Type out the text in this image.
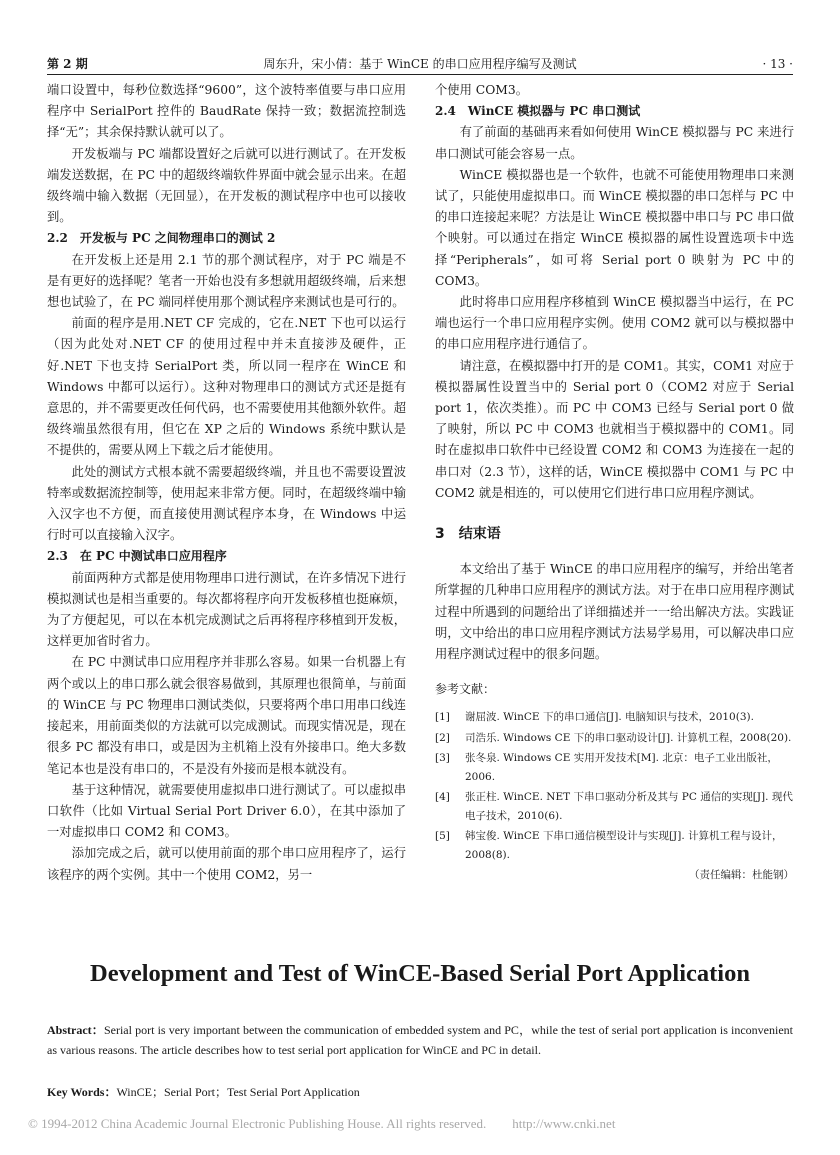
第 2 期	周东升，宋小倩：基于 WinCE 的串口应用程序编写及测试	· 13 ·

端口设置中，每秒位数选择“9600”，这个波特率值要与串口应用程序中 SerialPort 控件的 BaudRate 保持一致；数据流控制选择“无”；其余保持默认就可以了。

开发板端与 PC 端都设置好之后就可以进行测试了。在开发板端发送数据，在 PC 中的超级终端软件界面中就会显示出来。在超级终端中输入数据（无回显），在开发板的测试程序中也可以接收到。

2.2　开发板与 PC 之间物理串口的测试 2

在开发板上还是用 2.1 节的那个测试程序，对于 PC 端是不是有更好的选择呢？笔者一开始也没有多想就用超级终端，后来想想也试验了，在 PC 端同样使用那个测试程序来测试也是可行的。

前面的程序是用.NET CF 完成的，它在.NET 下也可以运行（因为此处对.NET CF 的使用过程中并未直接涉及硬件，正好.NET 下也支持 SerialPort 类，所以同一程序在 WinCE 和 Windows 中都可以运行）。这种对物理串口的测试方式还是挺有意思的，并不需要更改任何代码，也不需要使用其他额外软件。超级终端虽然很有用，但它在 XP 之后的 Windows 系统中默认是不提供的，需要从网上下载之后才能使用。

此处的测试方式根本就不需要超级终端，并且也不需要设置波特率或数据流控制等，使用起来非常方便。同时，在超级终端中输入汉字也不方便，而直接使用测试程序本身，在 Windows 中运行时可以直接输入汉字。

2.3　在 PC 中测试串口应用程序

前面两种方式都是使用物理串口进行测试，在许多情况下进行模拟测试也是相当重要的。每次都将程序向开发板移植也挺麻烦，为了方便起见，可以在本机完成测试之后再将程序移植到开发板，这样更加省时省力。

在 PC 中测试串口应用程序并非那么容易。如果一台机器上有两个或以上的串口那么就会很容易做到，其原理也很简单，与前面的 WinCE 与 PC 物理串口测试类似，只要将两个串口用串口线连接起来，用前面类似的方法就可以完成测试。而现实情况是，现在很多 PC 都没有串口，或是因为主机箱上没有外接串口。绝大多数笔记本也是没有串口的，不是没有外接而是根本就没有。

基于这种情况，就需要使用虚拟串口进行测试了。可以虚拟串口软件（比如 Virtual Serial Port Driver 6.0），在其中添加了一对虚拟串口 COM2 和 COM3。

添加完成之后，就可以使用前面的那个串口应用程序了，运行该程序的两个实例。其中一个使用 COM2，另一

个使用 COM3。

2.4　WinCE 模拟器与 PC 串口测试

有了前面的基础再来看如何使用 WinCE 模拟器与 PC 来进行串口测试可能会容易一点。

WinCE 模拟器也是一个软件，也就不可能使用物理串口来测试了，只能使用虚拟串口。而 WinCE 模拟器的串口怎样与 PC 中的串口连接起来呢？方法是让 WinCE 模拟器中串口与 PC 串口做个映射。可以通过在指定 WinCE 模拟器的属性设置选项卡中选择“Peripherals”，如可将 Serial port 0 映射为 PC 中的 COM3。

此时将串口应用程序移植到 WinCE 模拟器当中运行，在 PC 端也运行一个串口应用程序实例。使用 COM2 就可以与模拟器中的串口应用程序进行通信了。

请注意，在模拟器中打开的是 COM1。其实，COM1 对应于模拟器属性设置当中的 Serial port 0（COM2 对应于 Serial port 1，依次类推）。而 PC 中 COM3 已经与 Serial port 0 做了映射，所以 PC 中 COM3 也就相当于模拟器中的 COM1。同时在虚拟串口软件中已经设置 COM2 和 COM3 为连接在一起的串口对（2.3 节），这样的话，WinCE 模拟器中 COM1 与 PC 中 COM2 就是相连的，可以使用它们进行串口应用程序测试。

3 结束语

本文给出了基于 WinCE 的串口应用程序的编写，并给出笔者所掌握的几种串口应用程序的测试方法。对于在串口应用程序测试过程中所遇到的问题给出了详细描述并一一给出解决方法。实践证明，文中给出的串口应用程序测试方法易学易用，可以解决串口应用程序测试过程中的很多问题。

参考文献：
[1]	谢屈波. WinCE 下的串口通信[J]. 电脑知识与技术，2010(3).
[2]	司浩乐. Windows CE 下的串口驱动设计[J]. 计算机工程，2008(20).
[3]	张冬泉. Windows CE 实用开发技术[M]. 北京：电子工业出版社，2006.
[4]	张正柱. WinCE. NET 下串口驱动分析及其与 PC 通信的实现[J]. 现代电子技术，2010(6).
[5]	韩宝俊. WinCE 下串口通信模型设计与实现[J]. 计算机工程与设计，2008(8).
（责任编辑：杜能钢）
Development and Test of WinCE-Based Serial Port Application
Abstract：Serial port is very important between the communication of embedded system and PC，while the test of serial port application is inconvenient as various reasons. The article describes how to test serial port application for WinCE and PC in detail.
Key Words：WinCE；Serial Port；Test Serial Port Application
© 1994-2012 China Academic Journal Electronic Publishing House. All rights reserved.　　http://www.cnki.net
